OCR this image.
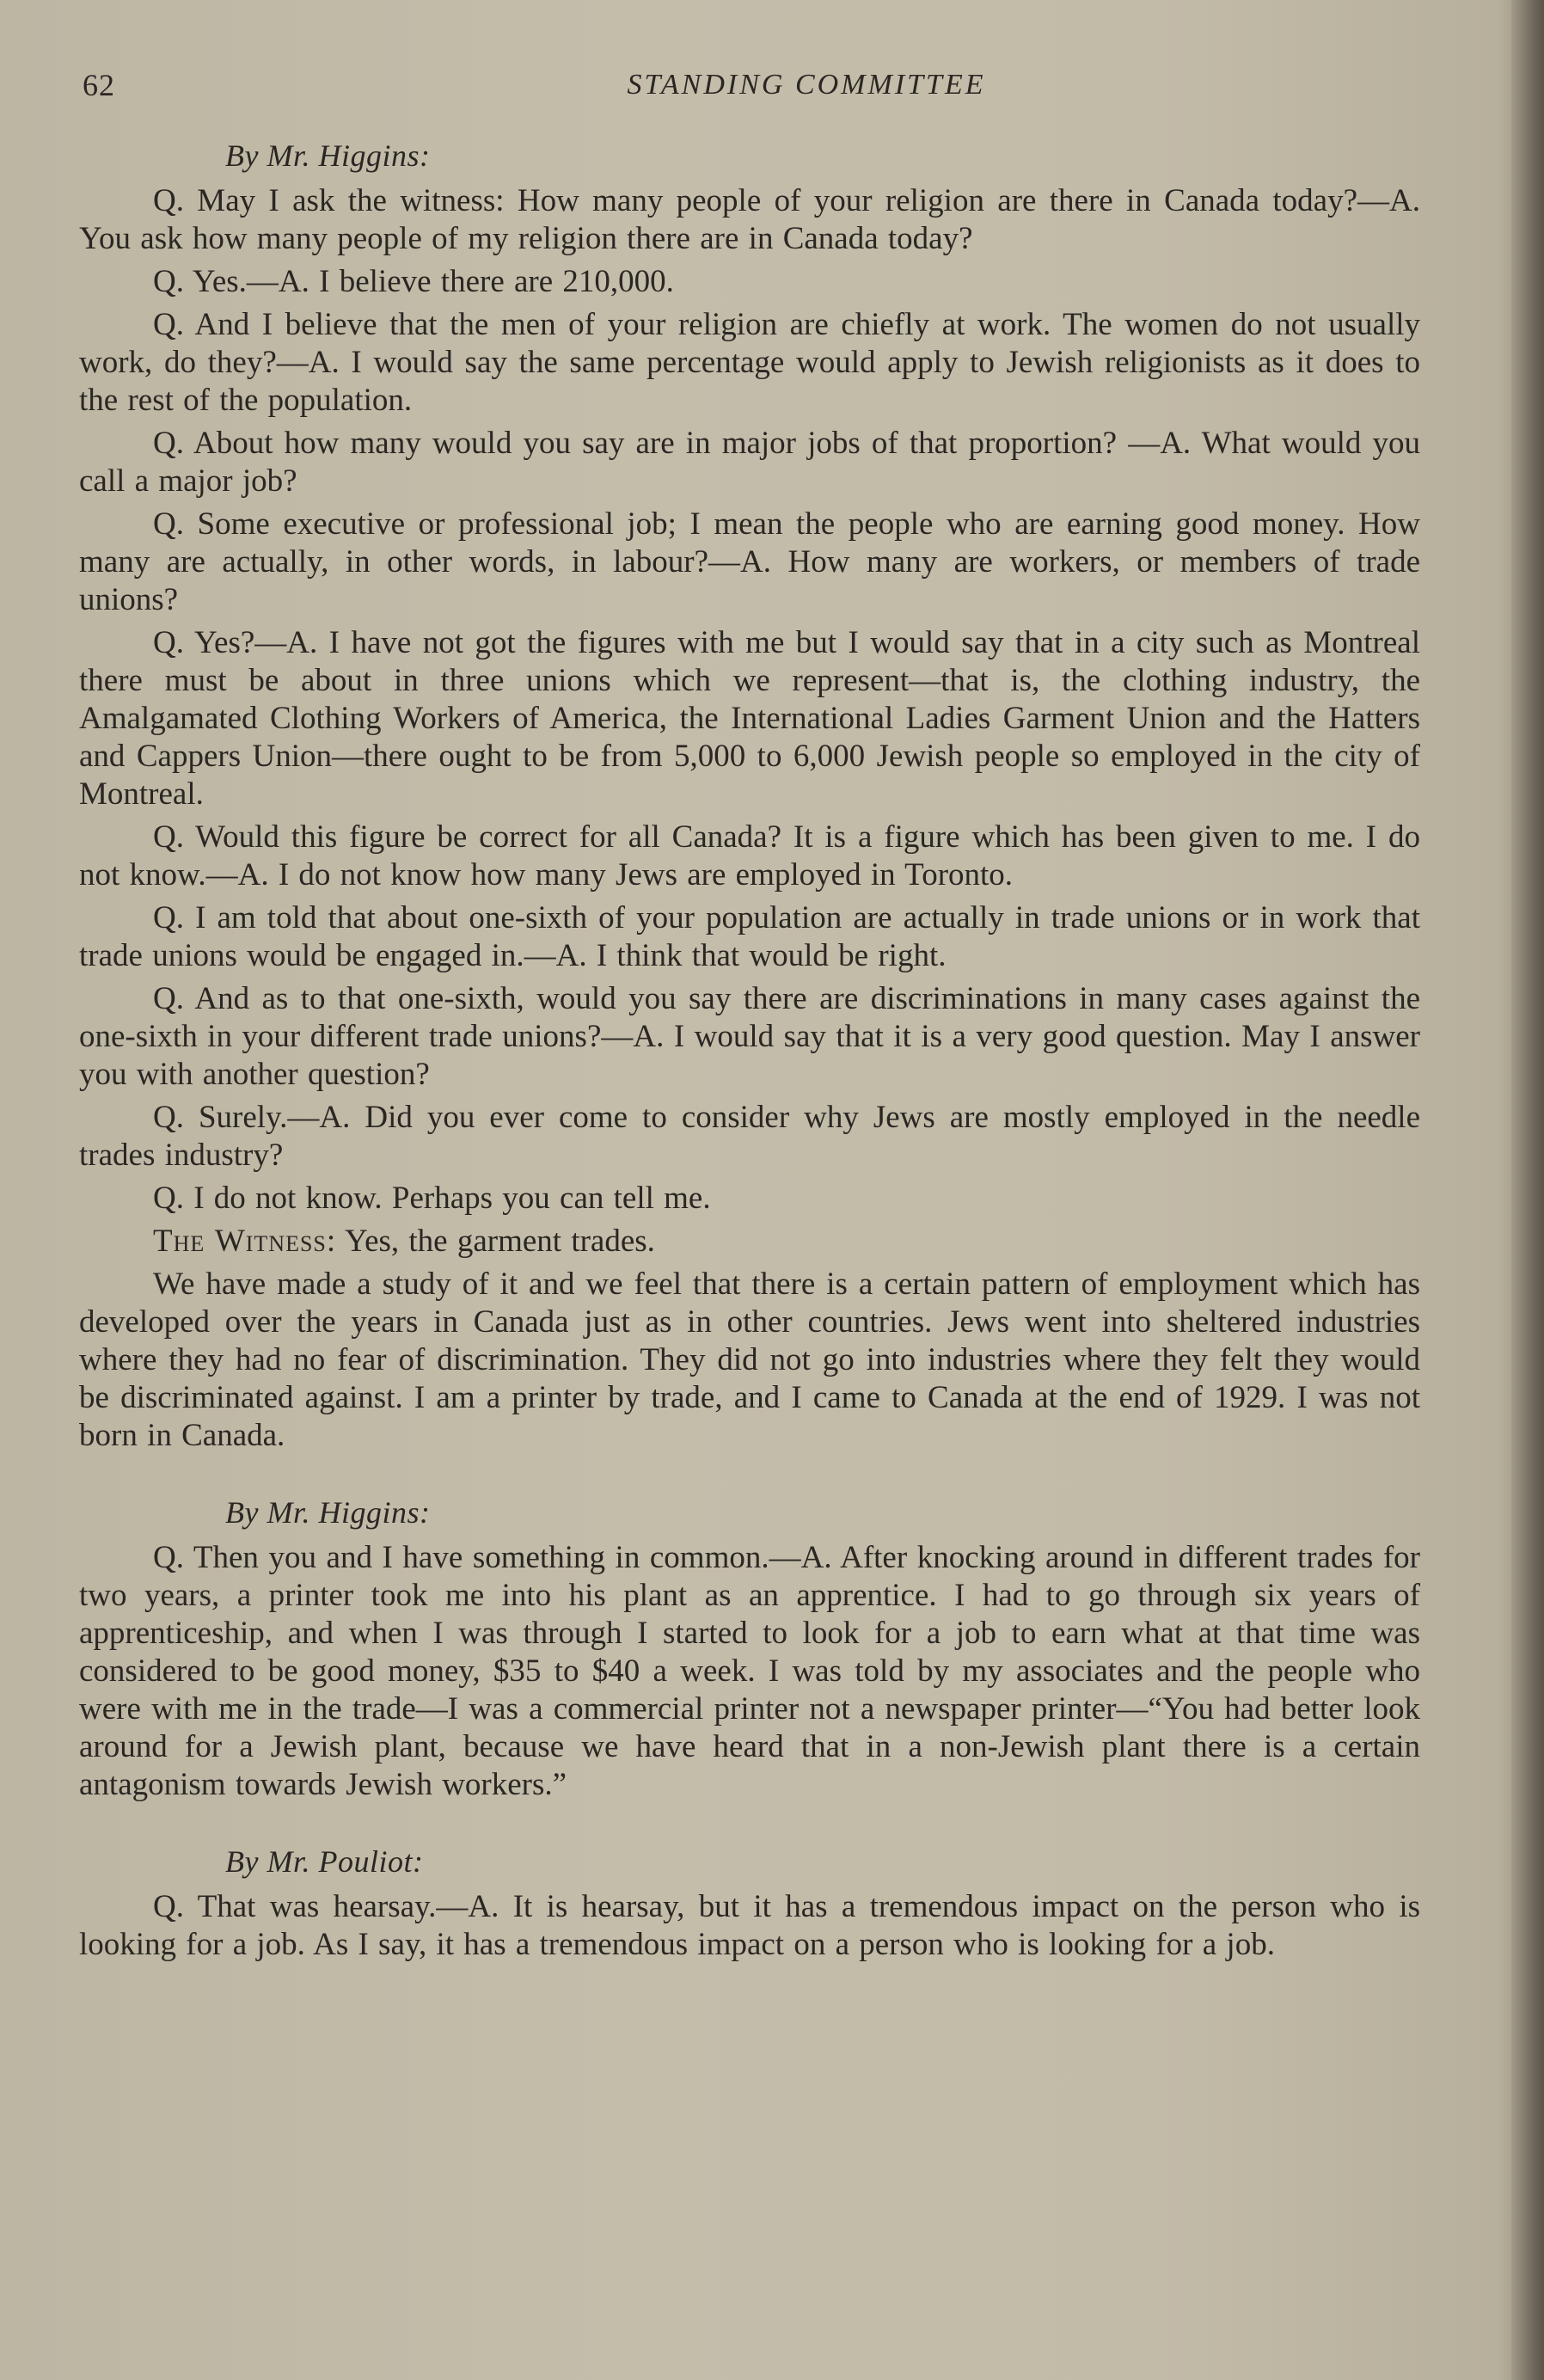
62	STANDING COMMITTEE
By Mr. Higgins:

Q. May I ask the witness: How many people of your religion are there in Canada today?—A. You ask how many people of my religion there are in Canada today?

Q. Yes.—A. I believe there are 210,000.

Q. And I believe that the men of your religion are chiefly at work. The women do not usually work, do they?—A. I would say the same percentage would apply to Jewish religionists as it does to the rest of the population.

Q. About how many would you say are in major jobs of that proportion? —A. What would you call a major job?

Q. Some executive or professional job; I mean the people who are earning good money. How many are actually, in other words, in labour?—A. How many are workers, or members of trade unions?

Q. Yes?—A. I have not got the figures with me but I would say that in a city such as Montreal there must be about in three unions which we represent—that is, the clothing industry, the Amalgamated Clothing Workers of America, the International Ladies Garment Union and the Hatters and Cappers Union—there ought to be from 5,000 to 6,000 Jewish people so employed in the city of Montreal.

Q. Would this figure be correct for all Canada? It is a figure which has been given to me. I do not know.—A. I do not know how many Jews are employed in Toronto.

Q. I am told that about one-sixth of your population are actually in trade unions or in work that trade unions would be engaged in.—A. I think that would be right.

Q. And as to that one-sixth, would you say there are discriminations in many cases against the one-sixth in your different trade unions?—A. I would say that it is a very good question. May I answer you with another question?

Q. Surely.—A. Did you ever come to consider why Jews are mostly employed in the needle trades industry?

Q. I do not know. Perhaps you can tell me.

The Witness: Yes, the garment trades.

We have made a study of it and we feel that there is a certain pattern of employment which has developed over the years in Canada just as in other countries. Jews went into sheltered industries where they had no fear of discrimination. They did not go into industries where they felt they would be discriminated against. I am a printer by trade, and I came to Canada at the end of 1929. I was not born in Canada.

By Mr. Higgins:

Q. Then you and I have something in common.—A. After knocking around in different trades for two years, a printer took me into his plant as an apprentice. I had to go through six years of apprenticeship, and when I was through I started to look for a job to earn what at that time was considered to be good money, $35 to $40 a week. I was told by my associates and the people who were with me in the trade—I was a commercial printer not a newspaper printer—“You had better look around for a Jewish plant, because we have heard that in a non-Jewish plant there is a certain antagonism towards Jewish workers.”

By Mr. Pouliot:

Q. That was hearsay.—A. It is hearsay, but it has a tremendous impact on the person who is looking for a job. As I say, it has a tremendous impact on a person who is looking for a job.
